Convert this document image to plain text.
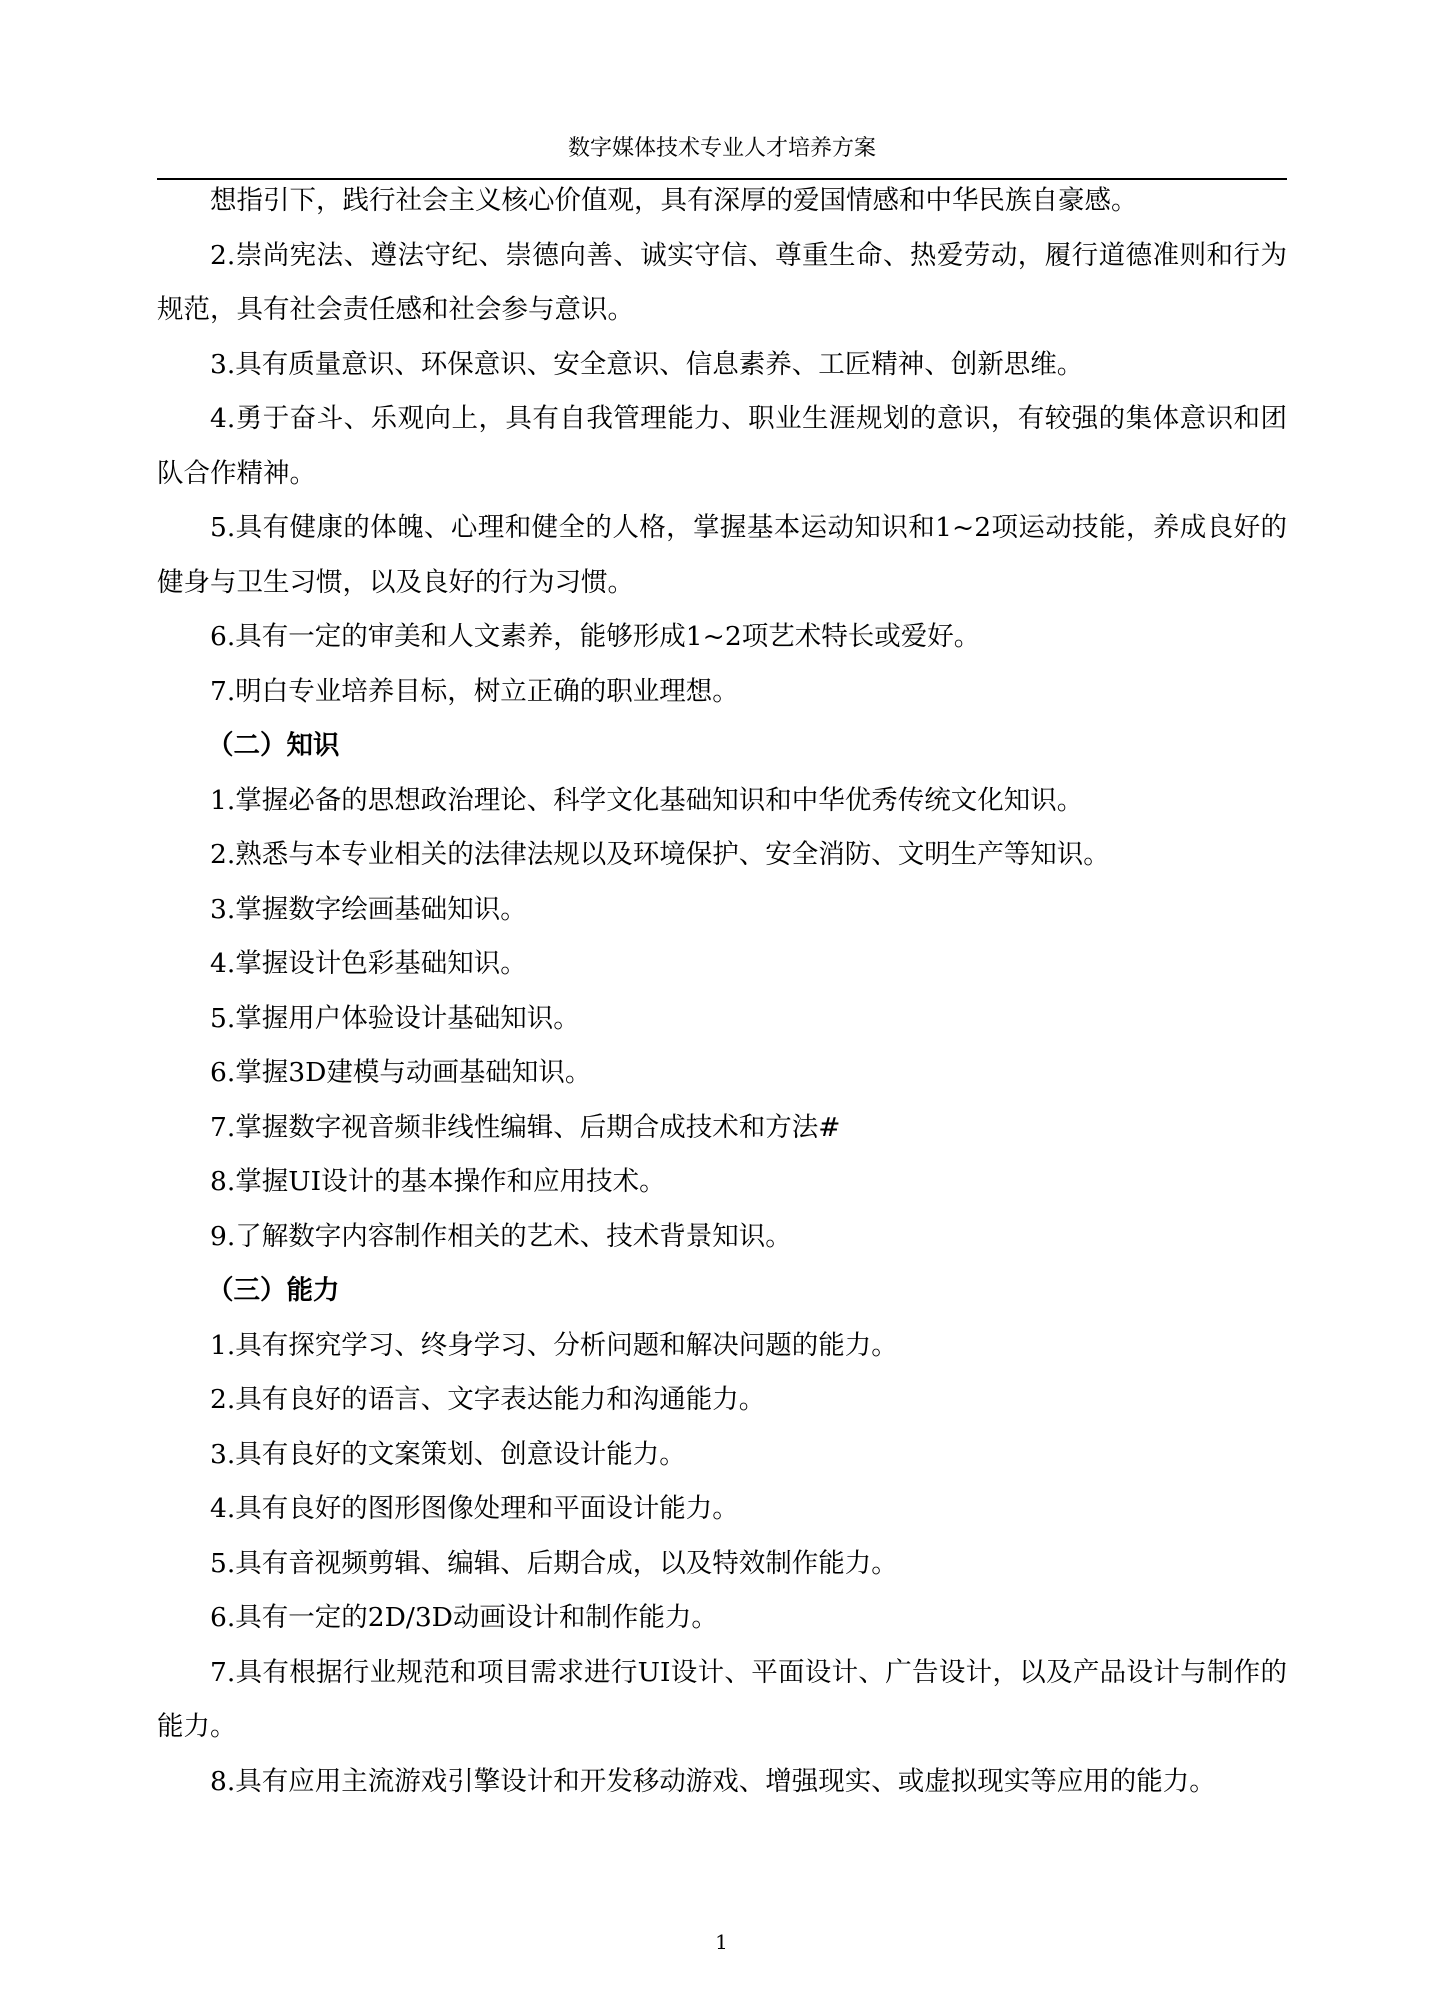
数字媒体技术专业人才培养方案

想指引下，践行社会主义核心价值观，具有深厚的爱国情感和中华民族自豪感。

2.崇尚宪法、遵法守纪、崇德向善、诚实守信、尊重生命、热爱劳动，履行道德准则和行为规范，具有社会责任感和社会参与意识。

3.具有质量意识、环保意识、安全意识、信息素养、工匠精神、创新思维。

4.勇于奋斗、乐观向上，具有自我管理能力、职业生涯规划的意识，有较强的集体意识和团队合作精神。

5.具有健康的体魄、心理和健全的人格，掌握基本运动知识和1~2项运动技能，养成良好的健身与卫生习惯，以及良好的行为习惯。

6.具有一定的审美和人文素养，能够形成1~2项艺术特长或爱好。

7.明白专业培养目标，树立正确的职业理想。

（二）知识

1.掌握必备的思想政治理论、科学文化基础知识和中华优秀传统文化知识。

2.熟悉与本专业相关的法律法规以及环境保护、安全消防、文明生产等知识。

3.掌握数字绘画基础知识。

4.掌握设计色彩基础知识。

5.掌握用户体验设计基础知识。

6.掌握3D建模与动画基础知识。

7.掌握数字视音频非线性编辑、后期合成技术和方法#

8.掌握UI设计的基本操作和应用技术。

9.了解数字内容制作相关的艺术、技术背景知识。

（三）能力

1.具有探究学习、终身学习、分析问题和解决问题的能力。

2.具有良好的语言、文字表达能力和沟通能力。

3.具有良好的文案策划、创意设计能力。

4.具有良好的图形图像处理和平面设计能力。

5.具有音视频剪辑、编辑、后期合成，以及特效制作能力。

6.具有一定的2D/3D动画设计和制作能力。

7.具有根据行业规范和项目需求进行UI设计、平面设计、广告设计，以及产品设计与制作的能力。

8.具有应用主流游戏引擎设计和开发移动游戏、增强现实、或虚拟现实等应用的能力。

1
